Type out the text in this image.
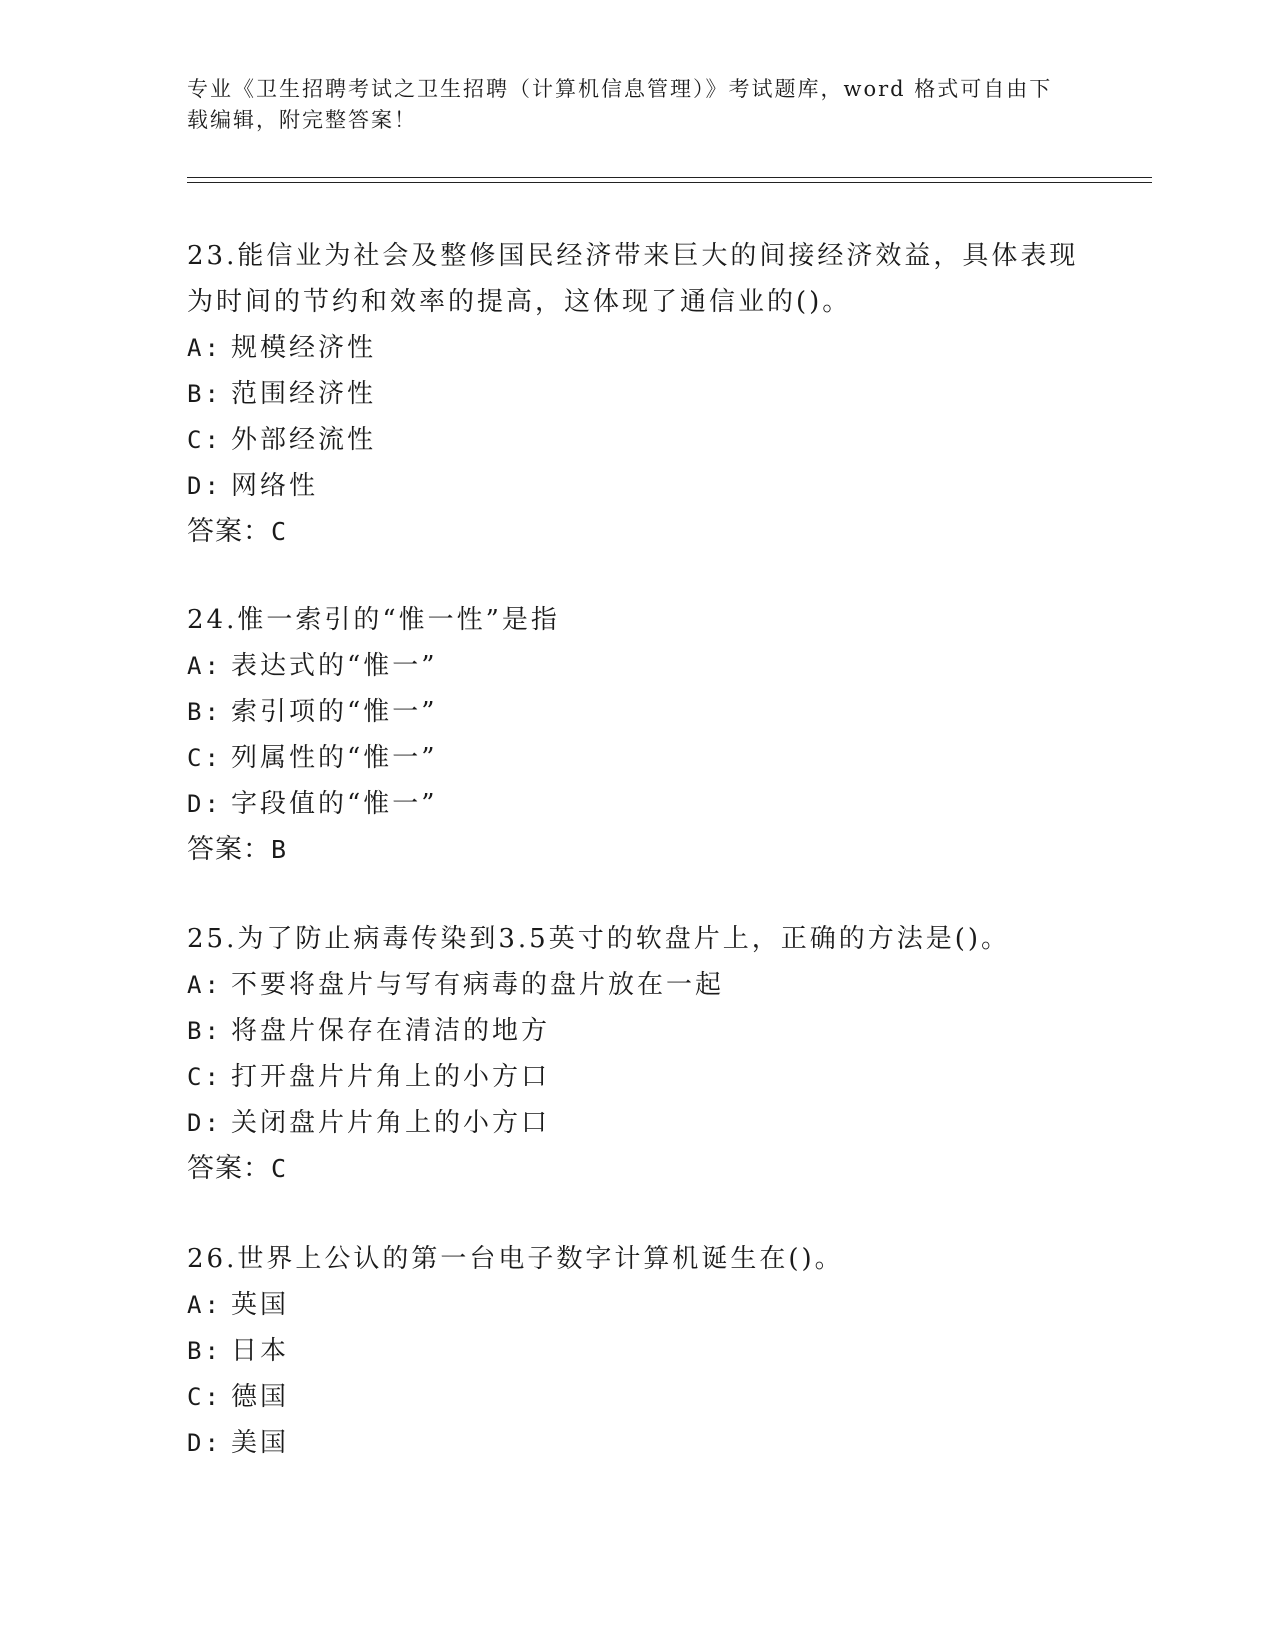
专业《卫生招聘考试之卫生招聘（计算机信息管理）》考试题库，word 格式可自由下载编辑，附完整答案！
23.能信业为社会及整修国民经济带来巨大的间接经济效益，具体表现为时间的节约和效率的提高，这体现了通信业的()。
A: 规模经济性
B: 范围经济性
C: 外部经流性
D: 网络性
答案：C
24.惟一索引的“惟一性”是指
A: 表达式的“惟一”
B: 索引项的“惟一”
C: 列属性的“惟一”
D: 字段值的“惟一”
答案：B
25.为了防止病毒传染到3.5英寸的软盘片上，正确的方法是()。
A: 不要将盘片与写有病毒的盘片放在一起
B: 将盘片保存在清洁的地方
C: 打开盘片片角上的小方口
D: 关闭盘片片角上的小方口
答案：C
26.世界上公认的第一台电子数字计算机诞生在()。
A: 英国
B: 日本
C: 德国
D: 美国
